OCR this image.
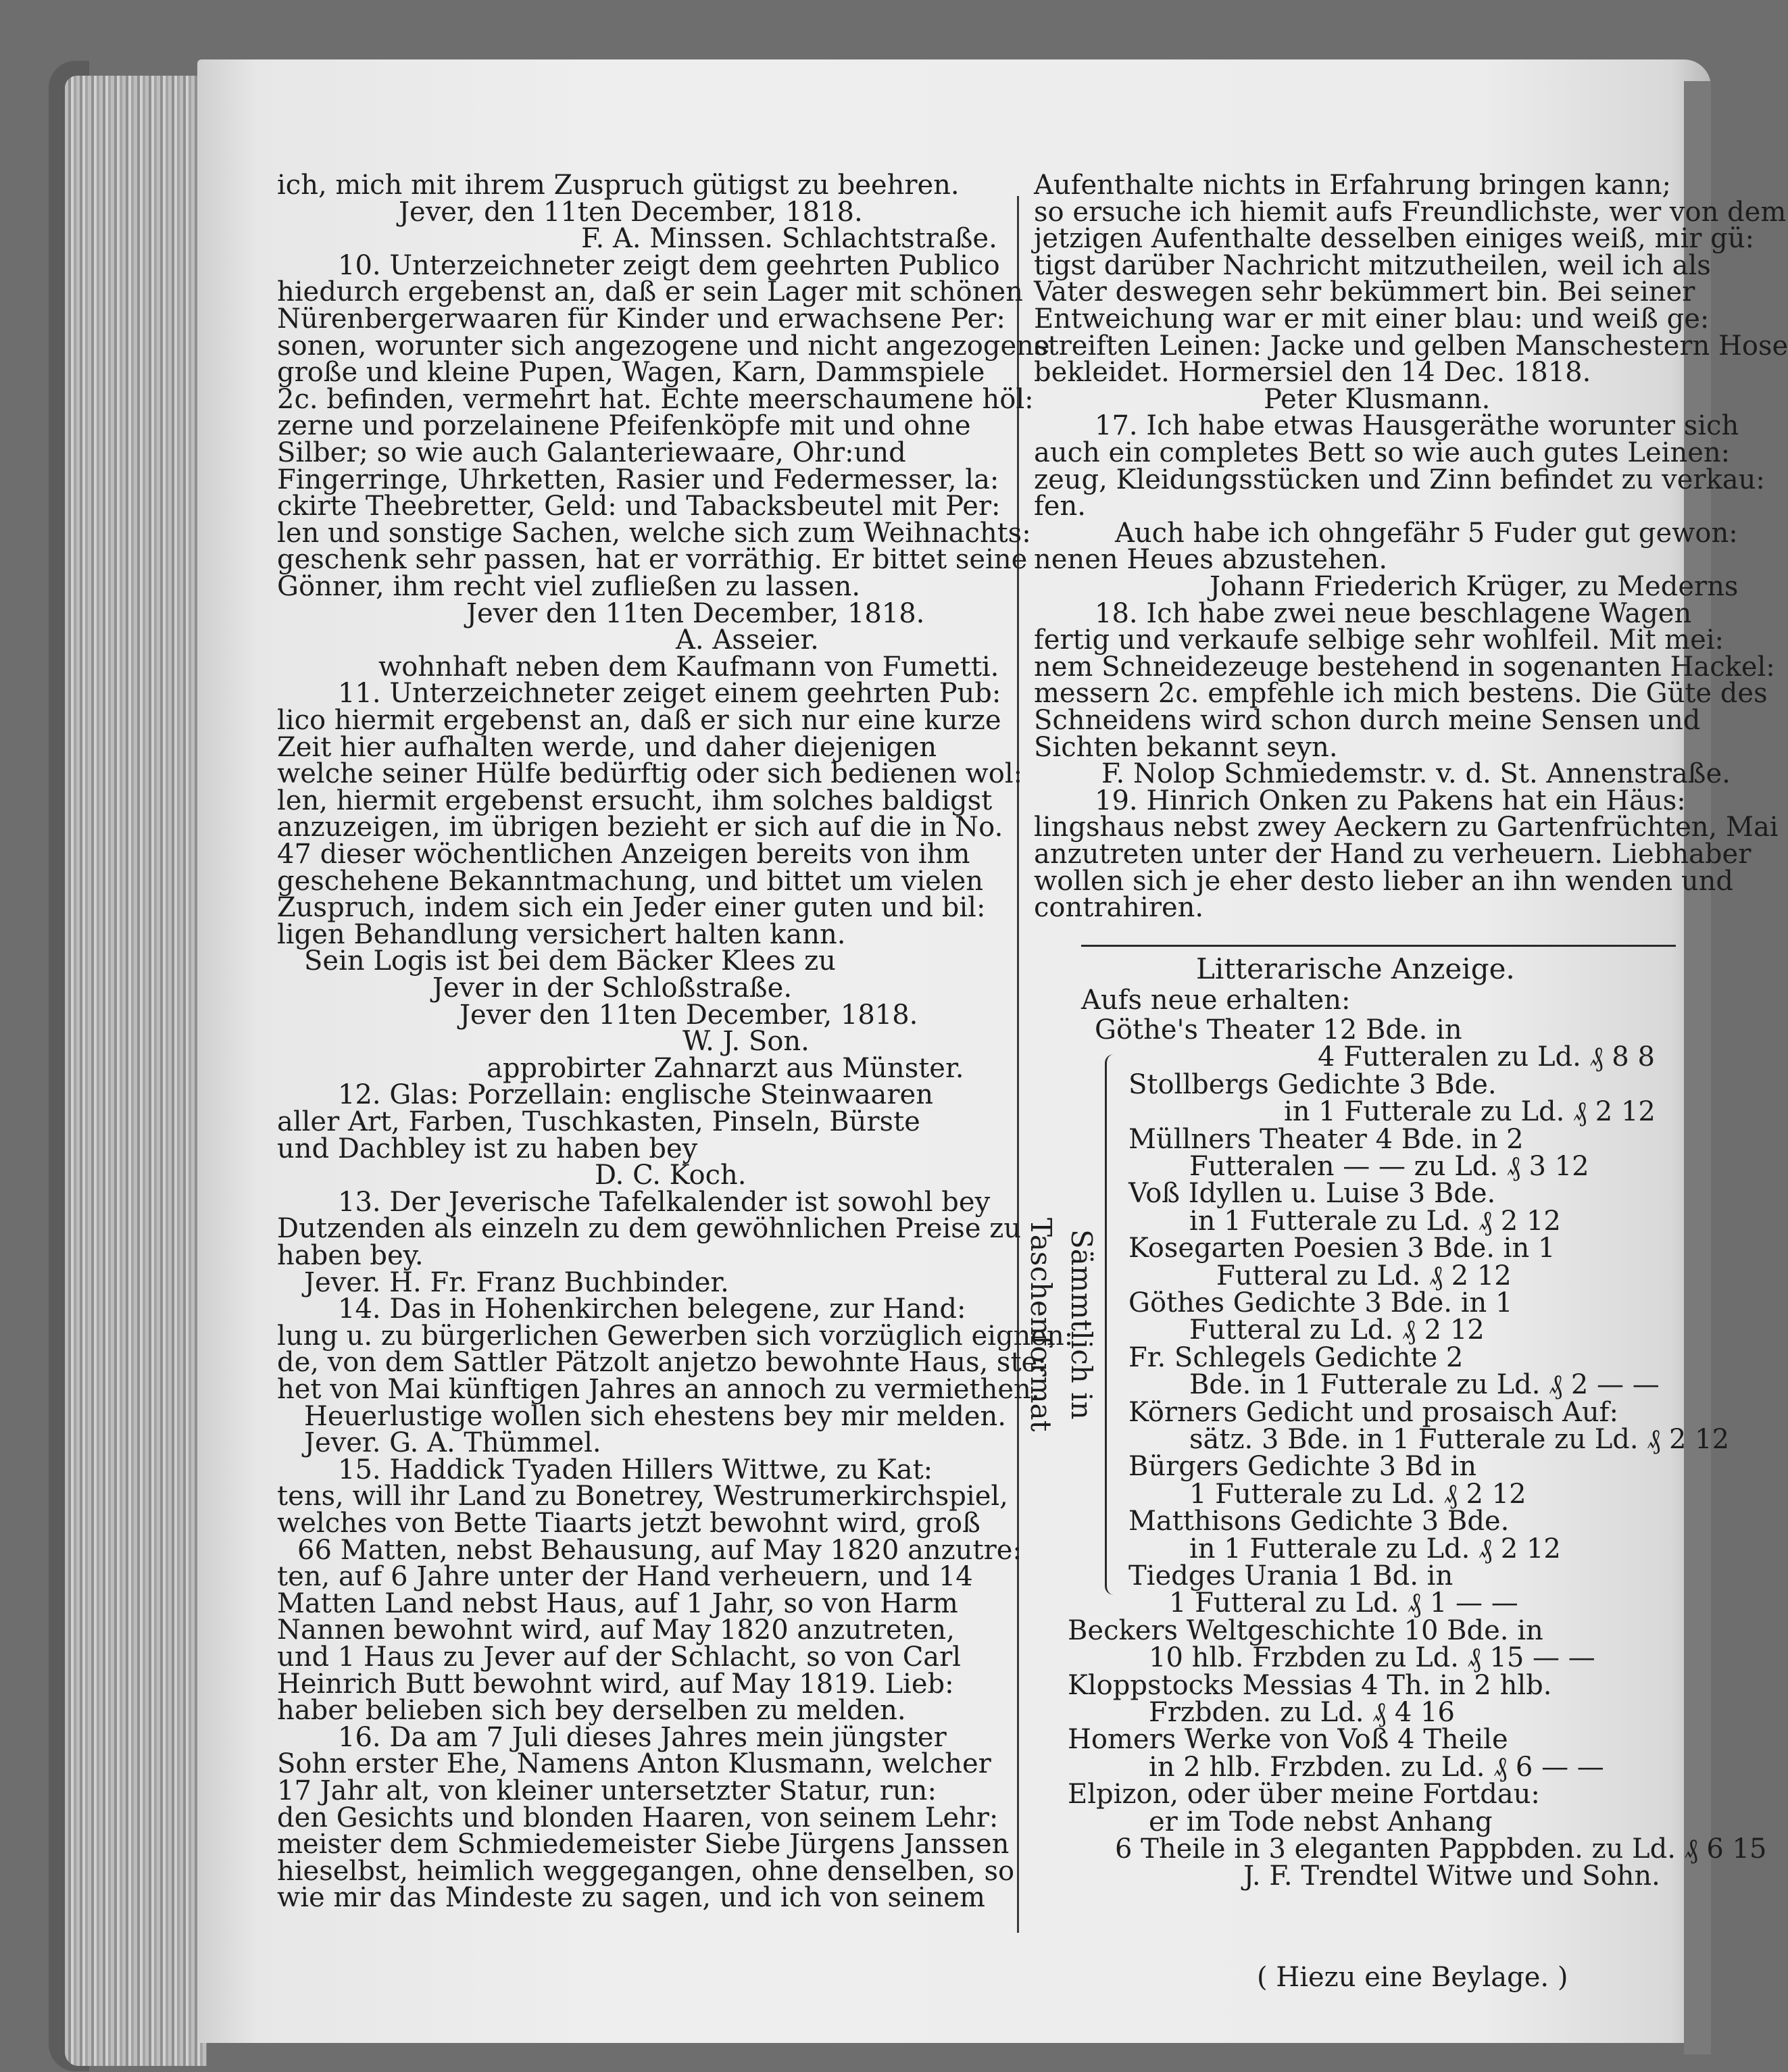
ich, mich mit ihrem Zuspruch gütigst zu beehren.
Jever, den 11ten December, 1818.
F. A. Minssen. Schlachtstraße.
10. Unterzeichneter zeigt dem geehrten Publico
hiedurch ergebenst an, daß er sein Lager mit schönen
Nürenbergerwaaren für Kinder und erwachsene Per:
sonen, worunter sich angezogene und nicht angezogene
große und kleine Pupen, Wagen, Karn, Dammspiele
2c. befinden, vermehrt hat. Echte meerschaumene höl:
zerne und porzelainene Pfeifenköpfe mit und ohne
Silber; so wie auch Galanteriewaare, Ohr:und
Fingerringe, Uhrketten, Rasier und Federmesser, la:
ckirte Theebretter, Geld: und Tabacksbeutel mit Per:
len und sonstige Sachen, welche sich zum Weihnachts:
geschenk sehr passen, hat er vorräthig. Er bittet seine
Gönner, ihm recht viel zufließen zu lassen.
Jever den 11ten December, 1818.
A. Asseier.
wohnhaft neben dem Kaufmann von Fumetti.
11. Unterzeichneter zeiget einem geehrten Pub:
lico hiermit ergebenst an, daß er sich nur eine kurze
Zeit hier aufhalten werde, und daher diejenigen
welche seiner Hülfe bedürftig oder sich bedienen wol:
len, hiermit ergebenst ersucht, ihm solches baldigst
anzuzeigen, im übrigen bezieht er sich auf die in No.
47 dieser wöchentlichen Anzeigen bereits von ihm
geschehene Bekanntmachung, und bittet um vielen
Zuspruch, indem sich ein Jeder einer guten und bil:
ligen Behandlung versichert halten kann.
Sein Logis ist bei dem Bäcker Klees zu
Jever in der Schloßstraße.
Jever den 11ten December, 1818.
W. J. Son.
approbirter Zahnarzt aus Münster.
12. Glas: Porzellain: englische Steinwaaren
aller Art, Farben, Tuschkasten, Pinseln, Bürste
und Dachbley ist zu haben bey
D. C. Koch.
13. Der Jeverische Tafelkalender ist sowohl bey
Dutzenden als einzeln zu dem gewöhnlichen Preise zu
haben bey.
Jever. H. Fr. Franz Buchbinder.
14. Das in Hohenkirchen belegene, zur Hand:
lung u. zu bürgerlichen Gewerben sich vorzüglich eignen:
de, von dem Sattler Pätzolt anjetzo bewohnte Haus, ste:
het von Mai künftigen Jahres an annoch zu vermiethen.
Heuerlustige wollen sich ehestens bey mir melden.
Jever. G. A. Thümmel.
15. Haddick Tyaden Hillers Wittwe, zu Kat:
tens, will ihr Land zu Bonetrey, Westrumerkirchspiel,
welches von Bette Tiaarts jetzt bewohnt wird, groß
66 Matten, nebst Behausung, auf May 1820 anzutre:
ten, auf 6 Jahre unter der Hand verheuern, und 14
Matten Land nebst Haus, auf 1 Jahr, so von Harm
Nannen bewohnt wird, auf May 1820 anzutreten,
und 1 Haus zu Jever auf der Schlacht, so von Carl
Heinrich Butt bewohnt wird, auf May 1819. Lieb:
haber belieben sich bey derselben zu melden.
16. Da am 7 Juli dieses Jahres mein jüngster
Sohn erster Ehe, Namens Anton Klusmann, welcher
17 Jahr alt, von kleiner untersetzter Statur, run:
den Gesichts und blonden Haaren, von seinem Lehr:
meister dem Schmiedemeister Siebe Jürgens Janssen
hieselbst, heimlich weggegangen, ohne denselben, so
wie mir das Mindeste zu sagen, und ich von seinem
Aufenthalte nichts in Erfahrung bringen kann;
so ersuche ich hiemit aufs Freundlichste, wer von dem
jetzigen Aufenthalte desselben einiges weiß, mir gü:
tigst darüber Nachricht mitzutheilen, weil ich als
Vater deswegen sehr bekümmert bin. Bei seiner
Entweichung war er mit einer blau: und weiß ge:
streiften Leinen: Jacke und gelben Manschestern Hose
bekleidet. Hormersiel den 14 Dec. 1818.
Peter Klusmann.
17. Ich habe etwas Hausgeräthe worunter sich
auch ein completes Bett so wie auch gutes Leinen:
zeug, Kleidungsstücken und Zinn befindet zu verkau:
fen.
Auch habe ich ohngefähr 5 Fuder gut gewon:
nenen Heues abzustehen.
Johann Friederich Krüger, zu Mederns
18. Ich habe zwei neue beschlagene Wagen
fertig und verkaufe selbige sehr wohlfeil. Mit mei:
nem Schneidezeuge bestehend in sogenanten Hackel:
messern 2c. empfehle ich mich bestens. Die Güte des
Schneidens wird schon durch meine Sensen und
Sichten bekannt seyn.
F. Nolop Schmiedemstr. v. d. St. Annenstraße.
19. Hinrich Onken zu Pakens hat ein Häus:
lingshaus nebst zwey Aeckern zu Gartenfrüchten, Mai
anzutreten unter der Hand zu verheuern. Liebhaber
wollen sich je eher desto lieber an ihn wenden und
contrahiren.
Sämmtlich in Taschenformat
Litterarische Anzeige.
Aufs neue erhalten:
Göthe's Theater 12 Bde. in
4 Futteralen zu Ld. ₰ 8 8
Stollbergs Gedichte 3 Bde.
in 1 Futterale zu Ld. ₰ 2 12
Müllners Theater 4 Bde. in 2
Futteralen — — zu Ld. ₰ 3 12
Voß Idyllen u. Luise 3 Bde.
in 1 Futterale zu Ld. ₰ 2 12
Kosegarten Poesien 3 Bde. in 1
Futteral zu Ld. ₰ 2 12
Göthes Gedichte 3 Bde. in 1
Futteral zu Ld. ₰ 2 12
Fr. Schlegels Gedichte 2
Bde. in 1 Futterale zu Ld. ₰ 2 — —
Körners Gedicht und prosaisch Auf:
sätz. 3 Bde. in 1 Futterale zu Ld. ₰ 2 12
Bürgers Gedichte 3 Bd in
1 Futterale zu Ld. ₰ 2 12
Matthisons Gedichte 3 Bde.
in 1 Futterale zu Ld. ₰ 2 12
Tiedges Urania 1 Bd. in
1 Futteral zu Ld. ₰ 1 — —
Beckers Weltgeschichte 10 Bde. in
10 hlb. Frzbden zu Ld. ₰ 15 — —
Kloppstocks Messias 4 Th. in 2 hlb.
Frzbden. zu Ld. ₰ 4 16
Homers Werke von Voß 4 Theile
in 2 hlb. Frzbden. zu Ld. ₰ 6 — —
Elpizon, oder über meine Fortdau:
er im Tode nebst Anhang
6 Theile in 3 eleganten Pappbden. zu Ld. ₰ 6 15
J. F. Trendtel Witwe und Sohn.
( Hiezu eine Beylage. )
